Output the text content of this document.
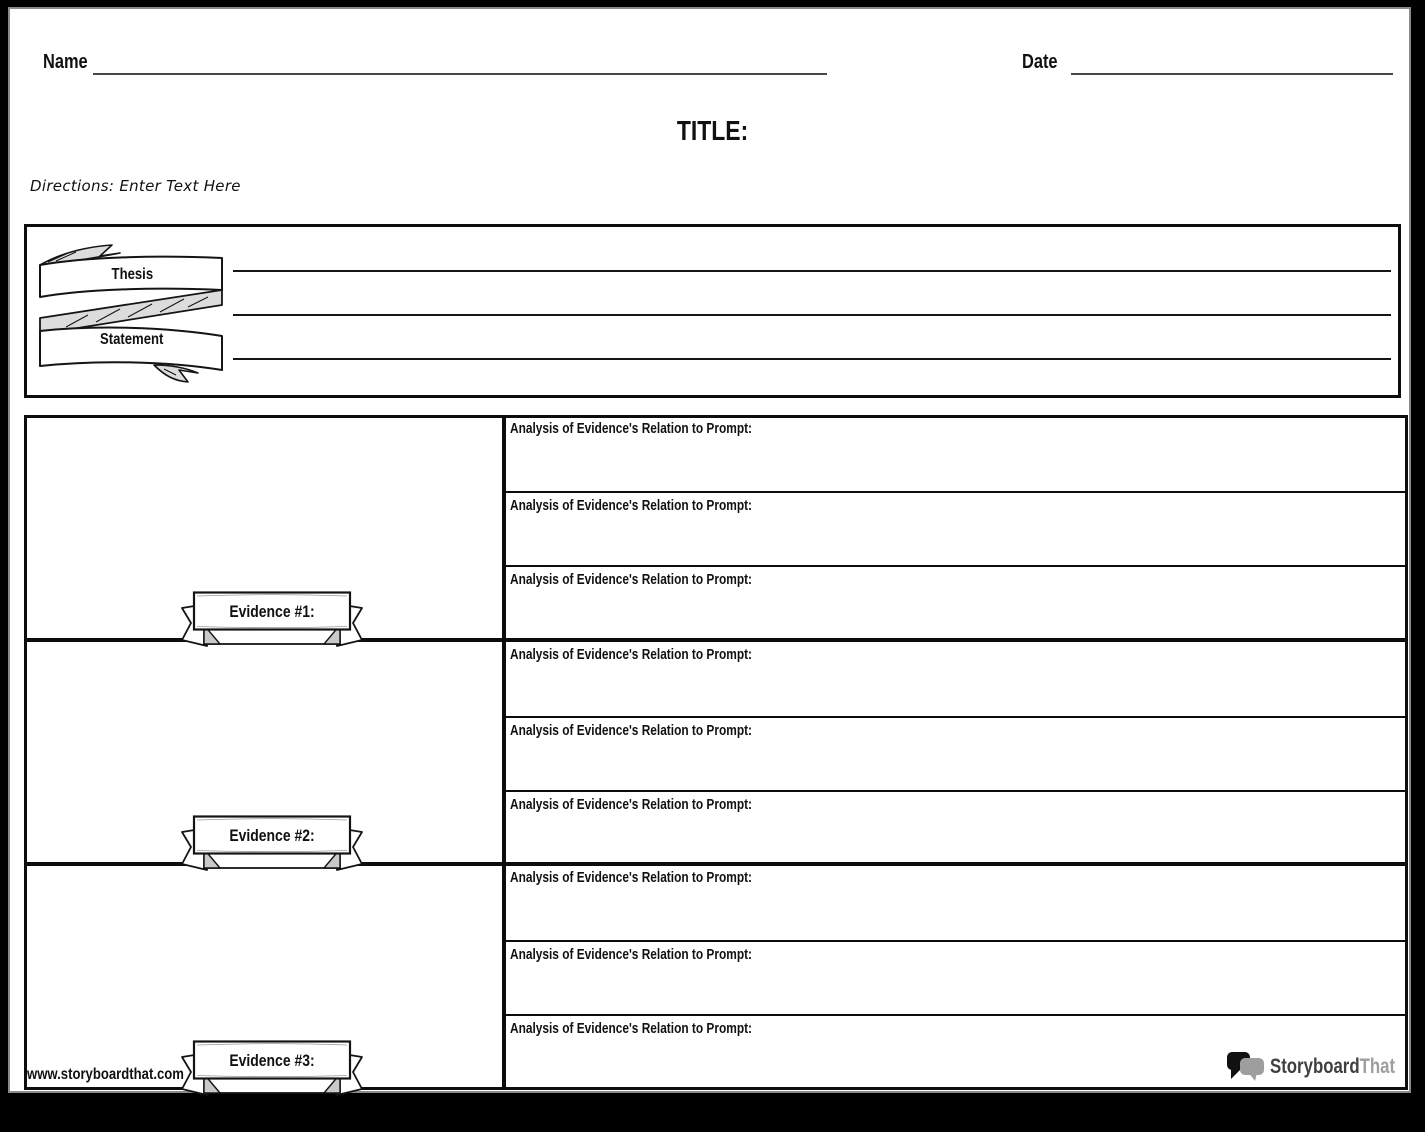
Name	Date
TITLE:
Directions: Enter Text Here
Thesis
Statement
Analysis of Evidence's Relation to Prompt:
Analysis of Evidence's Relation to Prompt:
Analysis of Evidence's Relation to Prompt:
Analysis of Evidence's Relation to Prompt:
Analysis of Evidence's Relation to Prompt:
Analysis of Evidence's Relation to Prompt:
Analysis of Evidence's Relation to Prompt:
Analysis of Evidence's Relation to Prompt:
Analysis of Evidence's Relation to Prompt:
Evidence #1:
Evidence #2:
Evidence #3:
www.storyboardthat.com	StoryboardThat
